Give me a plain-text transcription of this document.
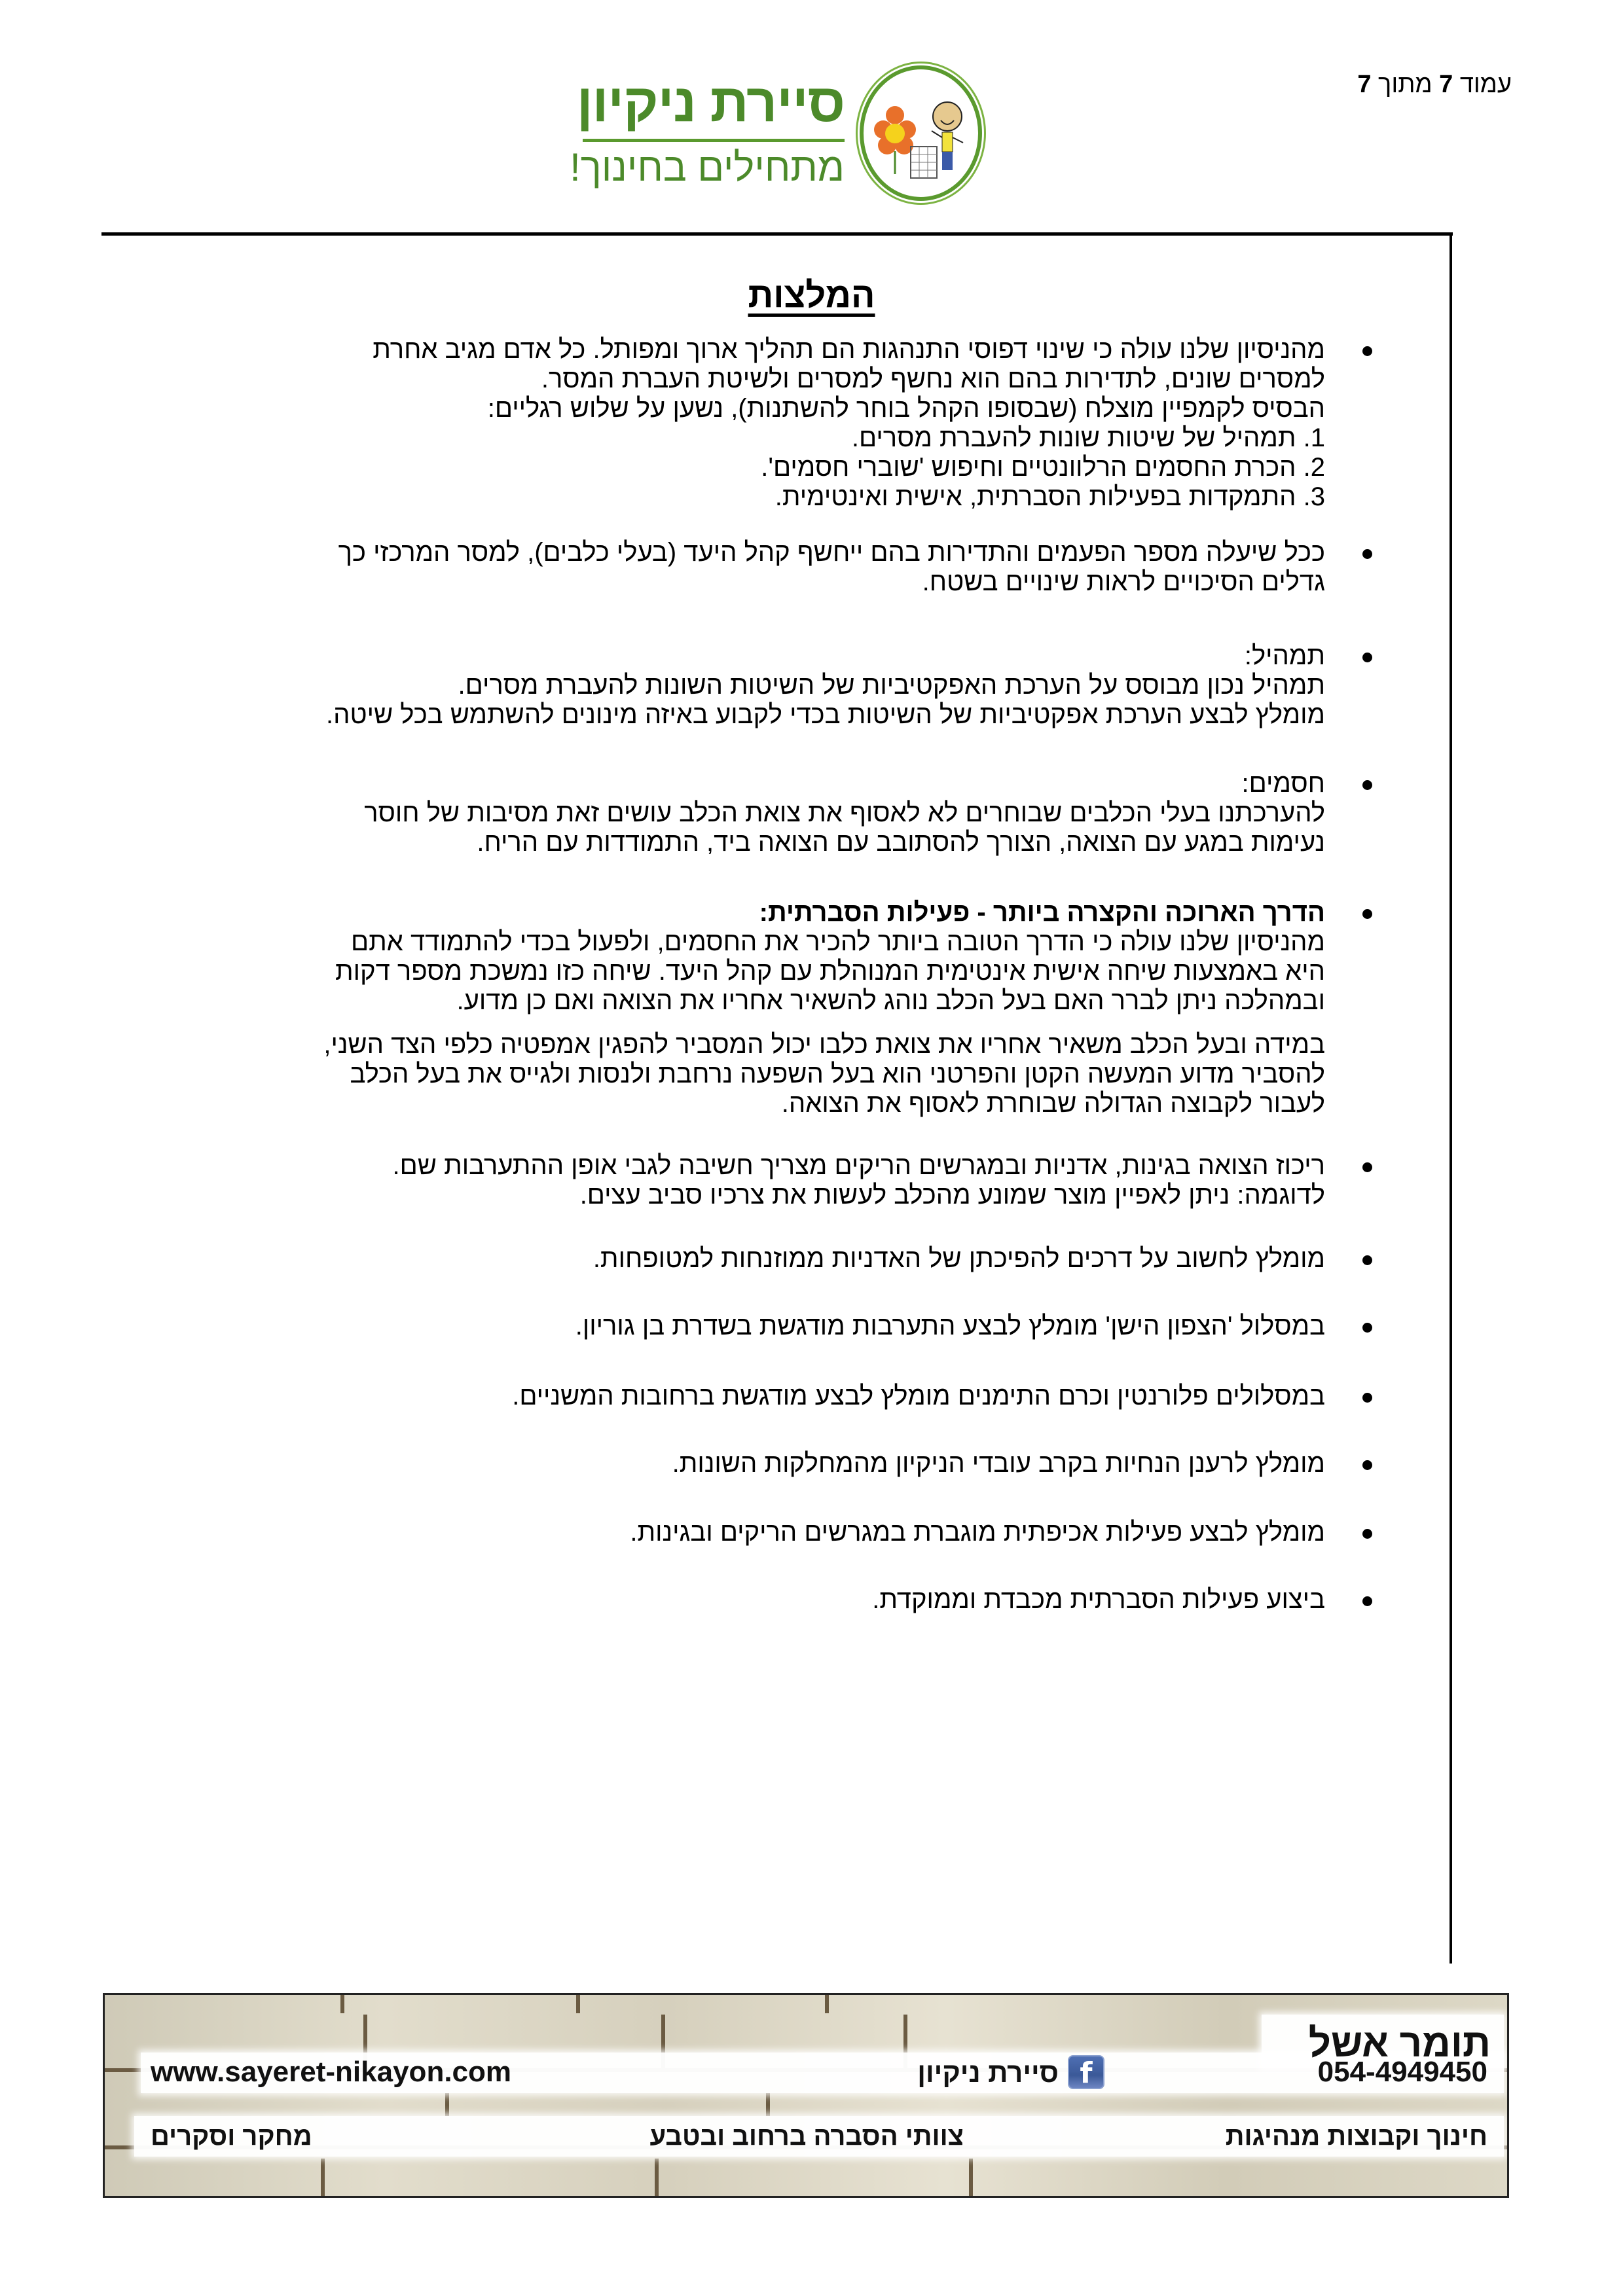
עמוד 7 מתוך 7
סיירת ניקיון
מתחילים בחינוך!
המלצות
מהניסיון שלנו עולה כי שינוי דפוסי התנהגות הם תהליך ארוך ומפותל. כל אדם מגיב אחרת
למסרים שונים, לתדירות בהם הוא נחשף למסרים ולשיטת העברת המסר.
הבסיס לקמפיין מוצלח (שבסופו הקהל בוחר להשתנות), נשען על שלוש רגליים:
1. תמהיל של שיטות שונות להעברת מסרים.
2. הכרת החסמים הרלוונטיים וחיפוש 'שוברי חסמים'.
3. התמקדות בפעילות הסברתית, אישית ואינטימית.
ככל שיעלה מספר הפעמים והתדירות בהם ייחשף קהל היעד (בעלי כלבים), למסר המרכזי כך
גדלים הסיכויים לראות שינויים בשטח.
תמהיל:
תמהיל נכון מבוסס על הערכת האפקטיביות של השיטות השונות להעברת מסרים.
מומלץ לבצע הערכת אפקטיביות של השיטות בכדי לקבוע באיזה מינונים להשתמש בכל שיטה.
חסמים:
להערכתנו בעלי הכלבים שבוחרים לא לאסוף את צואת הכלב עושים זאת מסיבות של חוסר
נעימות במגע עם הצואה, הצורך להסתובב עם הצואה ביד, התמודדות עם הריח.
הדרך הארוכה והקצרה ביותר - פעילות הסברתית:
מהניסיון שלנו עולה כי הדרך הטובה ביותר להכיר את החסמים, ולפעול בכדי להתמודד אתם
היא באמצעות שיחה אישית אינטימית המנוהלת עם קהל היעד. שיחה כזו נמשכת מספר דקות
ובמהלכה ניתן לברר האם בעל הכלב נוהג להשאיר אחריו את הצואה ואם כן מדוע.
במידה ובעל הכלב משאיר אחריו את צואת כלבו יכול המסביר להפגין אמפטיה כלפי הצד השני,
להסביר מדוע המעשה הקטן והפרטני הוא בעל השפעה נרחבת ולנסות ולגייס את בעל הכלב
לעבור לקבוצה הגדולה שבוחרת לאסוף את הצואה.
ריכוז הצואה בגינות, אדניות ובמגרשים הריקים מצריך חשיבה לגבי אופן ההתערבות שם.
לדוגמה: ניתן לאפיין מוצר שמונע מהכלב לעשות את צרכיו סביב עצים.
מומלץ לחשוב על דרכים להפיכתן של האדניות ממוזנחות למטופחות.
במסלול 'הצפון הישן' מומלץ לבצע התערבות מודגשת בשדרת בן גוריון.
במסלולים פלורנטין וכרם התימנים מומלץ לבצע מודגשת ברחובות המשניים.
מומלץ לרענן הנחיות בקרב עובדי הניקיון מהמחלקות השונות.
מומלץ לבצע פעילות אכיפתית מוגברת במגרשים הריקים ובגינות.
ביצוע פעילות הסברתית מכבדת וממוקדת.
תומר אשל
054-4949450
f
סיירת ניקיון
www.sayeret-nikayon.com
חינוך וקבוצות מנהיגות
צוותי הסברה ברחוב ובטבע
מחקר וסקרים
